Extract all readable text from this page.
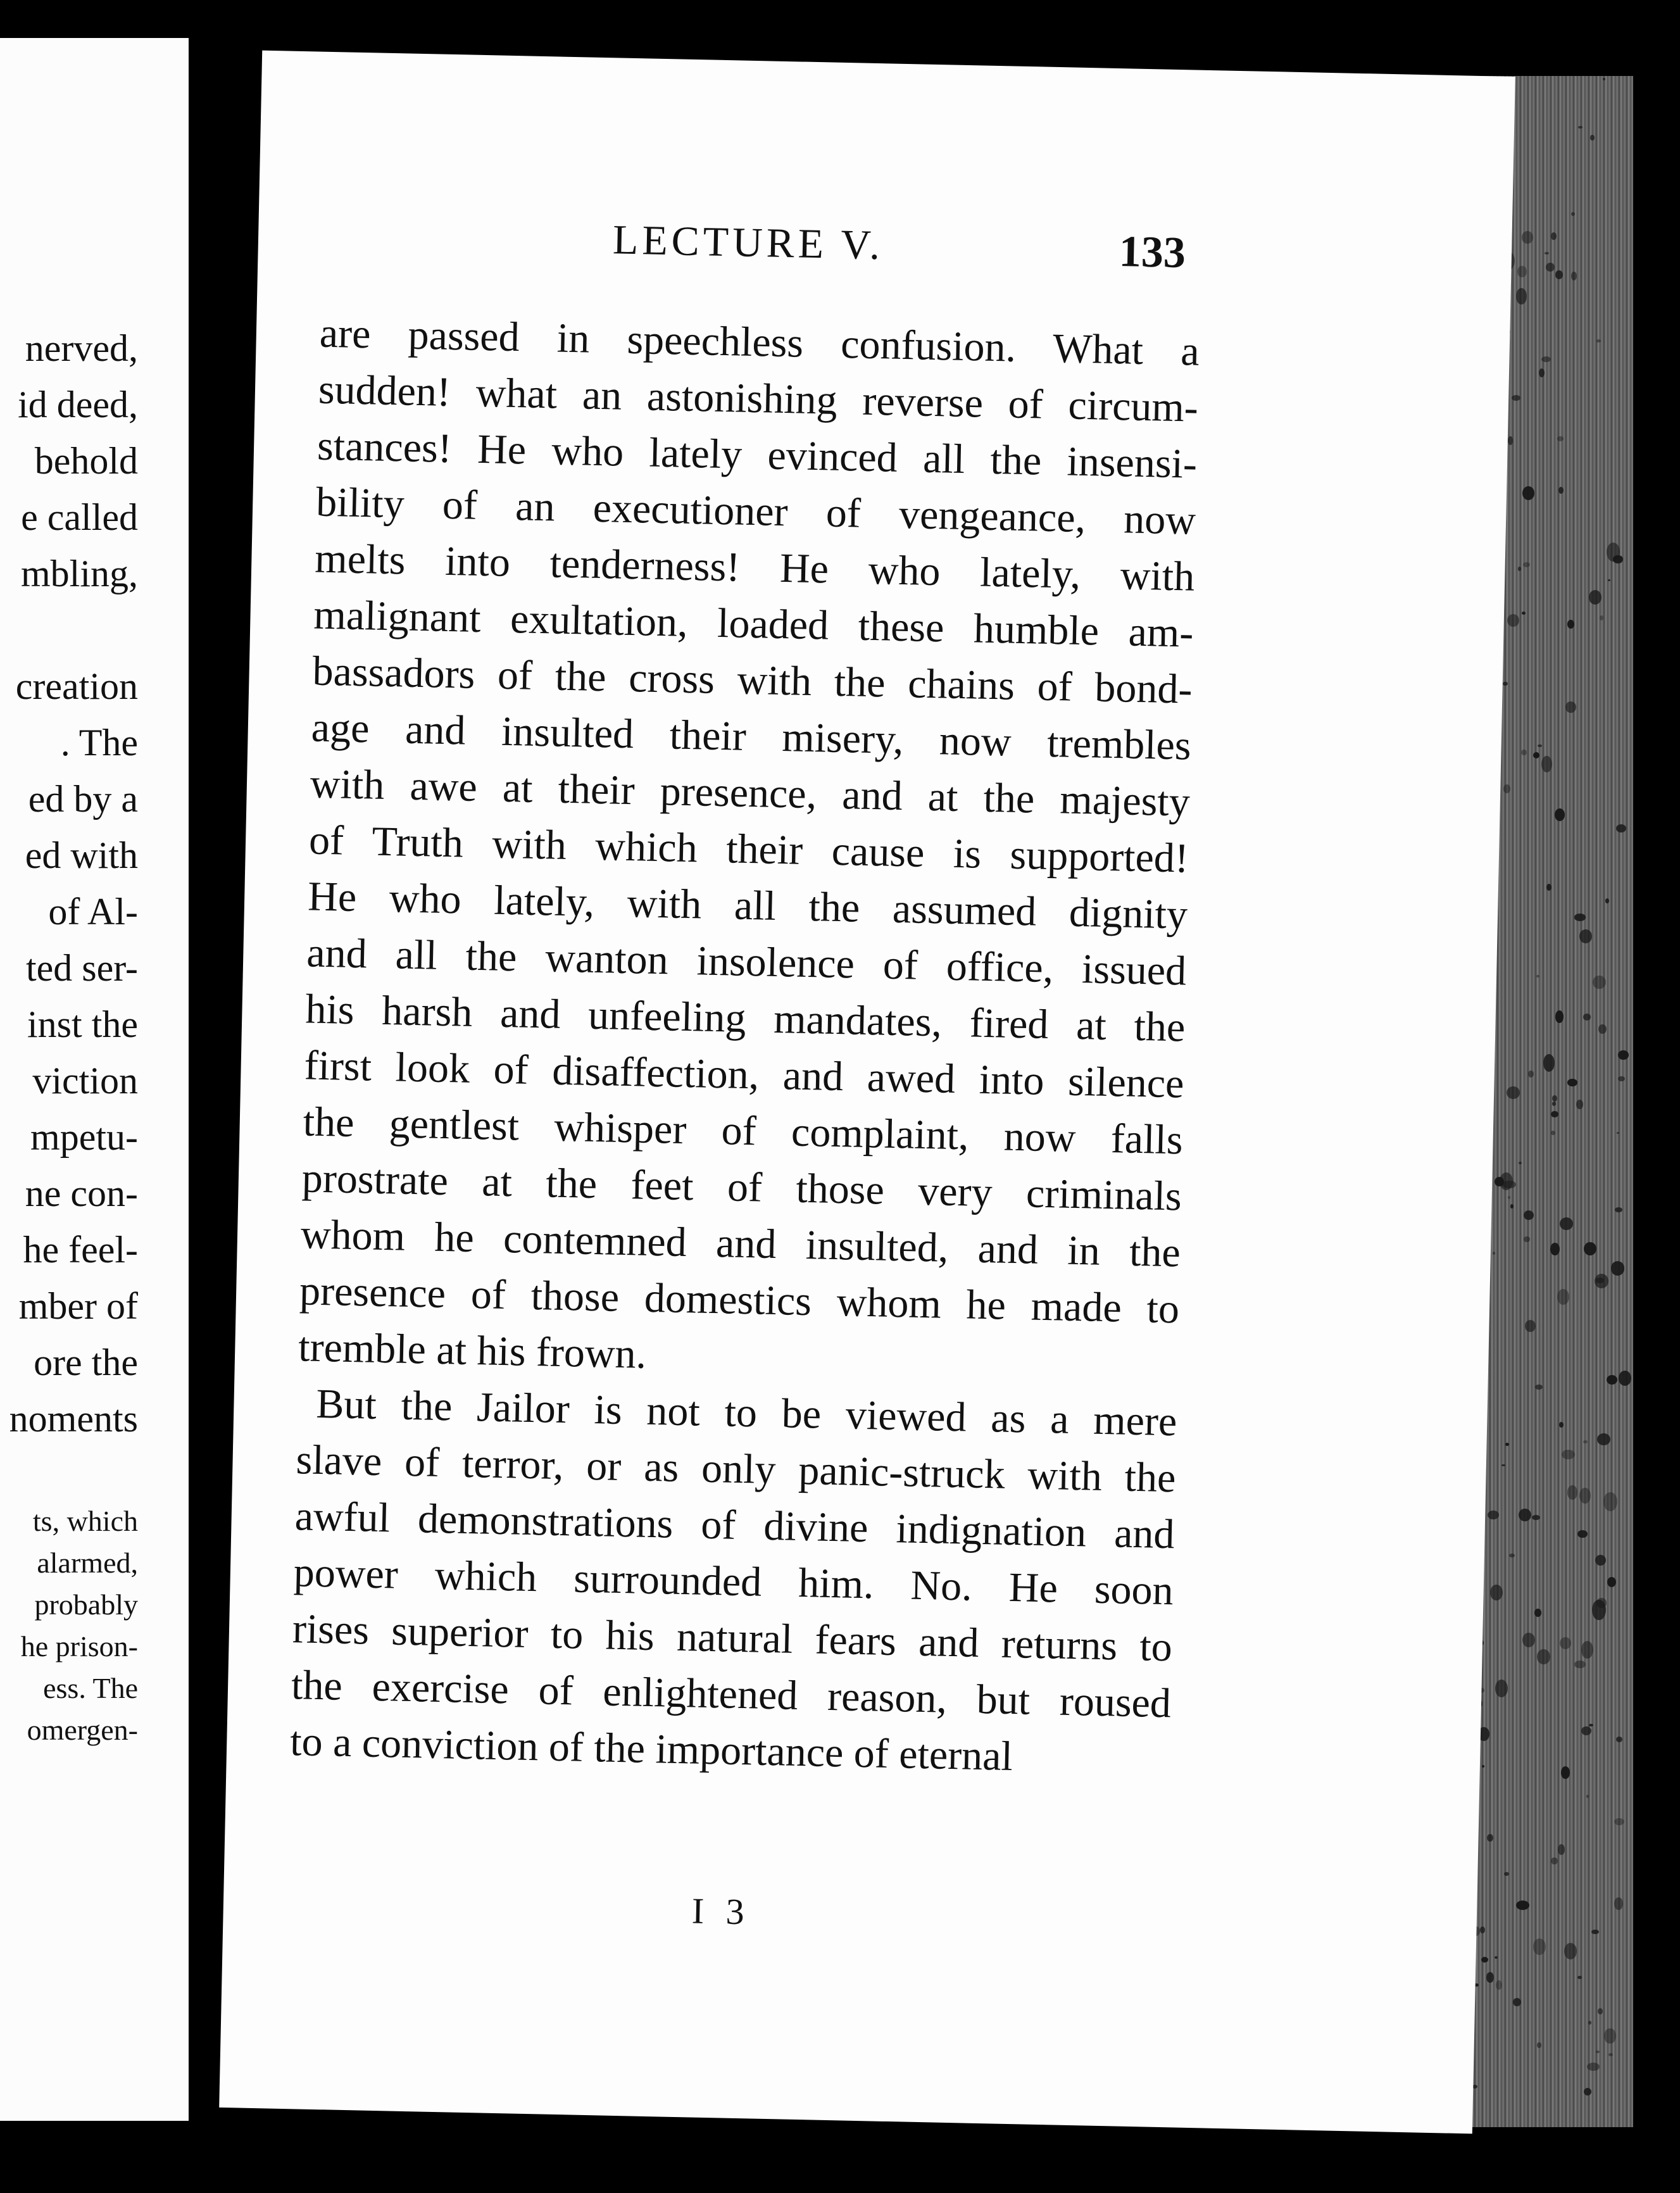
nerved,
id deed,
behold
e called
mbling,
creation
. The
ed by a
ed with
of Al-
ted ser-
inst the
viction
mpetu-
ne con-
he feel-
mber of
ore the
noments
ts, which
alarmed,
probably
he prison-
ess. The
omergen-
LECTURE V.	133
are passed in speechless confusion. What a
sudden! what an astonishing reverse of circum-
stances! He who lately evinced all the insensi-
bility of an executioner of vengeance, now
melts into tenderness! He who lately, with
malignant exultation, loaded these humble am-
bassadors of the cross with the chains of bond-
age and insulted their misery, now trembles
with awe at their presence, and at the majesty
of Truth with which their cause is supported!
He who lately, with all the assumed dignity
and all the wanton insolence of office, issued
his harsh and unfeeling mandates, fired at the
first look of disaffection, and awed into silence
the gentlest whisper of complaint, now falls
prostrate at the feet of those very criminals
whom he contemned and insulted, and in the
presence of those domestics whom he made to
tremble at his frown.
But the Jailor is not to be viewed as a mere
slave of terror, or as only panic-struck with the
awful demonstrations of divine indignation and
power which surrounded him. No. He soon
rises superior to his natural fears and returns to
the exercise of enlightened reason, but roused
to a conviction of the importance of eternal
I 3
